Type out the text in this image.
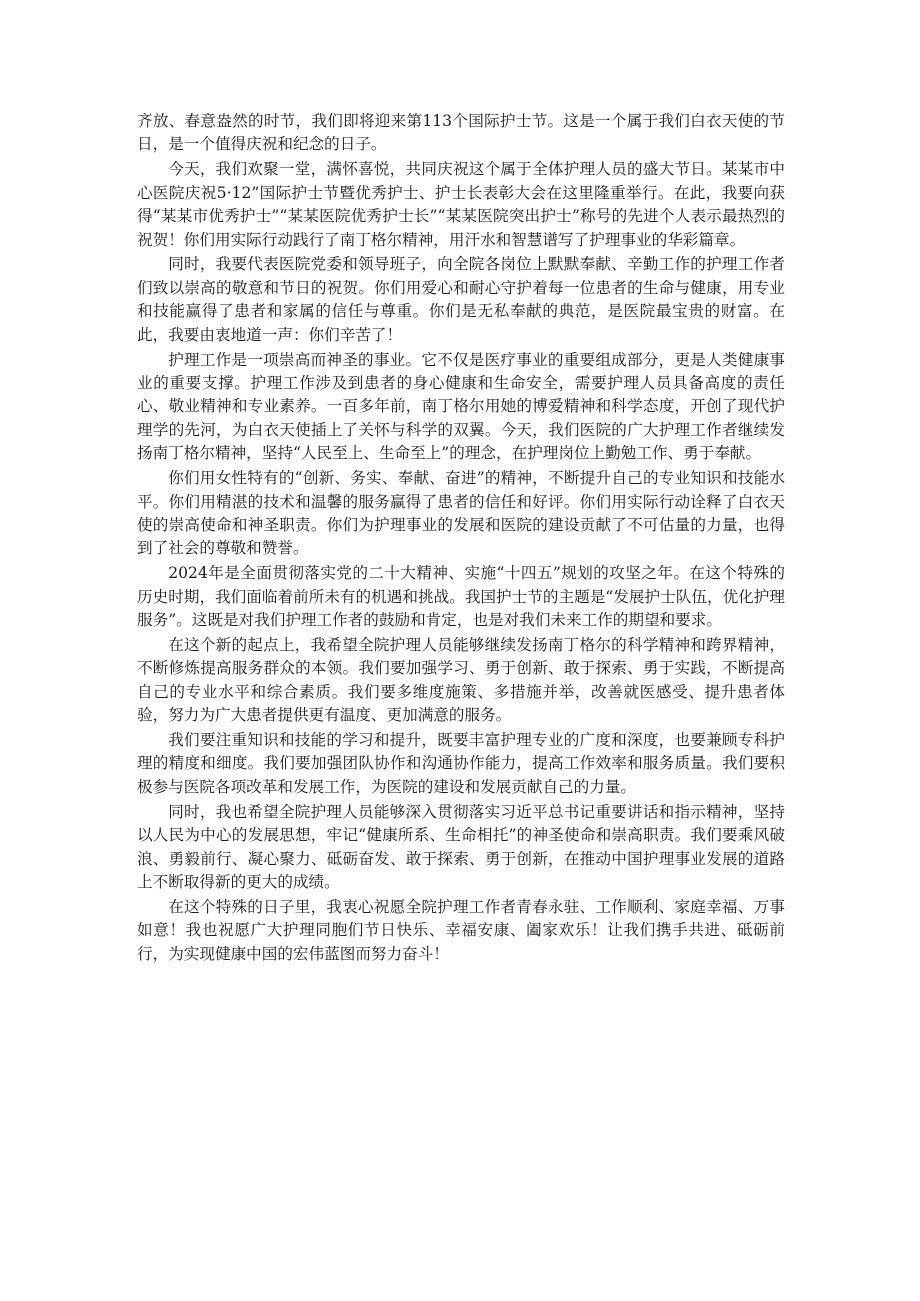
齐放、春意盎然的时节，我们即将迎来第113个国际护士节。这是一个属于我们白衣天使的节日，是一个值得庆祝和纪念的日子。

今天，我们欢聚一堂，满怀喜悦，共同庆祝这个属于全体护理人员的盛大节日。某某市中心医院庆祝5·12”国际护士节暨优秀护士、护士长表彰大会在这里隆重举行。在此，我要向获得“某某市优秀护士”“某某医院优秀护士长”“某某医院突出护士”称号的先进个人表示最热烈的祝贺！你们用实际行动践行了南丁格尔精神，用汗水和智慧谱写了护理事业的华彩篇章。

同时，我要代表医院党委和领导班子，向全院各岗位上默默奉献、辛勤工作的护理工作者们致以崇高的敬意和节日的祝贺。你们用爱心和耐心守护着每一位患者的生命与健康，用专业和技能赢得了患者和家属的信任与尊重。你们是无私奉献的典范，是医院最宝贵的财富。在此，我要由衷地道一声：你们辛苦了！

护理工作是一项崇高而神圣的事业。它不仅是医疗事业的重要组成部分，更是人类健康事业的重要支撑。护理工作涉及到患者的身心健康和生命安全，需要护理人员具备高度的责任心、敬业精神和专业素养。一百多年前，南丁格尔用她的博爱精神和科学态度，开创了现代护理学的先河，为白衣天使插上了关怀与科学的双翼。今天，我们医院的广大护理工作者继续发扬南丁格尔精神，坚持“人民至上、生命至上”的理念，在护理岗位上勤勉工作、勇于奉献。

你们用女性特有的“创新、务实、奉献、奋进”的精神，不断提升自己的专业知识和技能水平。你们用精湛的技术和温馨的服务赢得了患者的信任和好评。你们用实际行动诠释了白衣天使的崇高使命和神圣职责。你们为护理事业的发展和医院的建设贡献了不可估量的力量，也得到了社会的尊敬和赞誉。

2024年是全面贯彻落实党的二十大精神、实施“十四五”规划的攻坚之年。在这个特殊的历史时期，我们面临着前所未有的机遇和挑战。我国护士节的主题是“发展护士队伍，优化护理服务”。这既是对我们护理工作者的鼓励和肯定，也是对我们未来工作的期望和要求。

在这个新的起点上，我希望全院护理人员能够继续发扬南丁格尔的科学精神和跨界精神，不断修炼提高服务群众的本领。我们要加强学习、勇于创新、敢于探索、勇于实践，不断提高自己的专业水平和综合素质。我们要多维度施策、多措施并举，改善就医感受、提升患者体验，努力为广大患者提供更有温度、更加满意的服务。

我们要注重知识和技能的学习和提升，既要丰富护理专业的广度和深度，也要兼顾专科护理的精度和细度。我们要加强团队协作和沟通协作能力，提高工作效率和服务质量。我们要积极参与医院各项改革和发展工作，为医院的建设和发展贡献自己的力量。

同时，我也希望全院护理人员能够深入贯彻落实习近平总书记重要讲话和指示精神，坚持以人民为中心的发展思想，牢记“健康所系、生命相托”的神圣使命和崇高职责。我们要乘风破浪、勇毅前行、凝心聚力、砥砺奋发、敢于探索、勇于创新，在推动中国护理事业发展的道路上不断取得新的更大的成绩。

在这个特殊的日子里，我衷心祝愿全院护理工作者青春永驻、工作顺利、家庭幸福、万事如意！我也祝愿广大护理同胞们节日快乐、幸福安康、阖家欢乐！让我们携手共进、砥砺前行，为实现健康中国的宏伟蓝图而努力奋斗！
